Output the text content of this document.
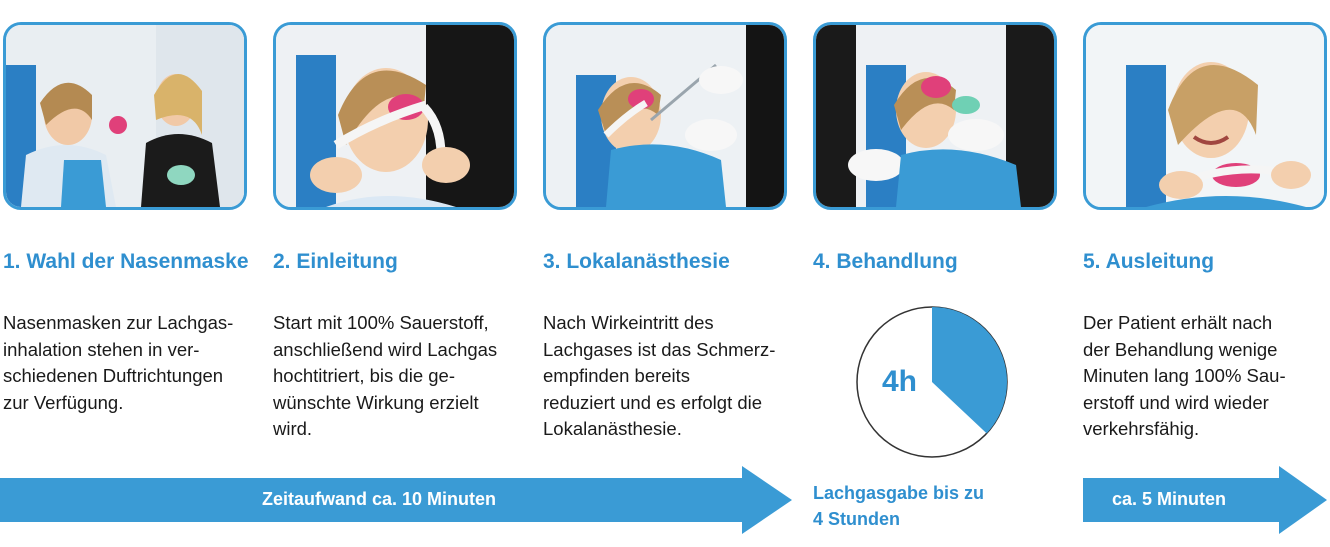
1. Wahl der Nasenmaske 2. Einleitung	3. Lokalanästhesie	4. Behandlung	5. Ausleitung
Nasenmasken zur Lachgas-
inhalation stehen in ver-
schiedenen Duftrichtungen
zur Verfügung.
Start mit 100% Sauerstoff,
anschließend wird Lachgas
hochtitriert, bis die ge-
wünschte Wirkung erzielt
wird.
Nach Wirkeintritt des
Lachgases ist das Schmerz-
empfinden bereits
reduziert und es erfolgt die
Lokalanästhesie.
Der Patient erhält nach
der Behandlung wenige
Minuten lang 100% Sau-
erstoff und wird wieder
verkehrsfähig.
4h
Zeitaufwand ca. 10 Minuten	Lachgasgabe bis zu
4 Stunden
ca. 5 Minuten
